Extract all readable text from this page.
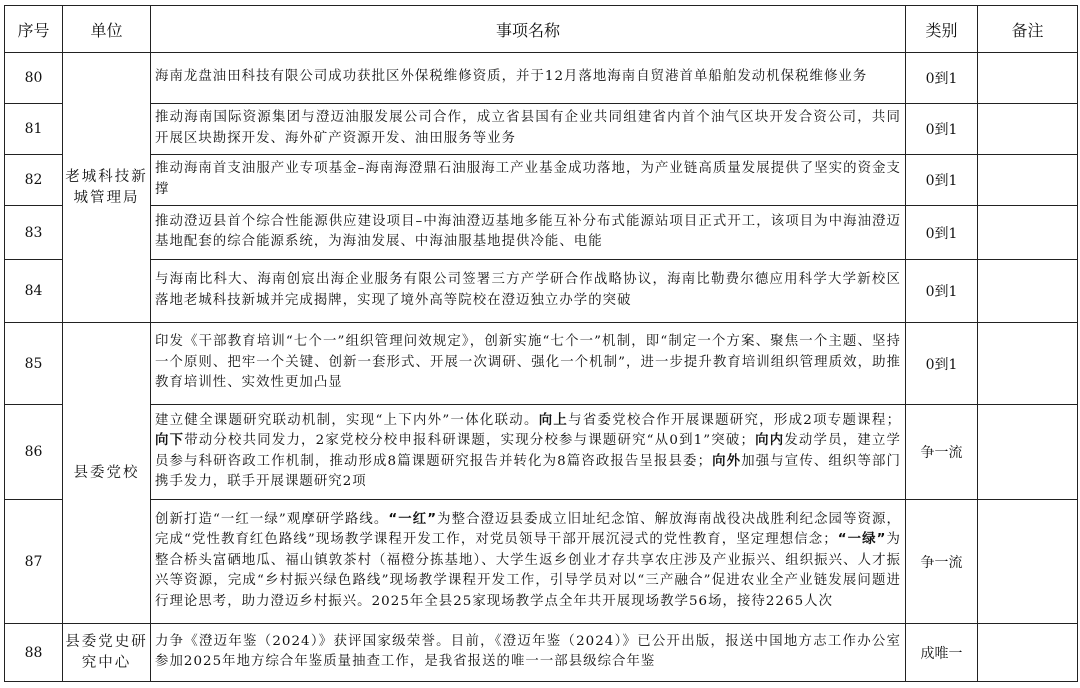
序号	单位	事项名称	类别	备注
80	老城科技新城管理局	海南龙盘油田科技有限公司成功获批区外保税维修资质，并于12月落地海南自贸港首单船舶发动机保税维修业务	0到1	
81		推动海南国际资源集团与澄迈油服发展公司合作，成立省县国有企业共同组建省内首个油气区块开发合资公司，共同开展区块勘探开发、海外矿产资源开发、油田服务等业务	0到1	
82		推动海南首支油服产业专项基金–海南海澄鼎石油服海工产业基金成功落地，为产业链高质量发展提供了坚实的资金支撑	0到1	
83		推动澄迈县首个综合性能源供应建设项目–中海油澄迈基地多能互补分布式能源站项目正式开工，该项目为中海油澄迈基地配套的综合能源系统，为海油发展、中海油服基地提供冷能、电能	0到1	
84		与海南比科大、海南创宸出海企业服务有限公司签署三方产学研合作战略协议，海南比勒费尔德应用科学大学新校区落地老城科技新城并完成揭牌，实现了境外高等院校在澄迈独立办学的突破	0到1	
85	县委党校	印发《干部教育培训“七个一”组织管理问效规定》，创新实施“七个一”机制，即“制定一个方案、聚焦一个主题、坚持一个原则、把牢一个关键、创新一套形式、开展一次调研、强化一个机制”，进一步提升教育培训组织管理质效，助推教育培训性、实效性更加凸显	0到1	
86		建立健全课题研究联动机制，实现“上下内外”一体化联动。向上与省委党校合作开展课题研究，形成2项专题课程；向下带动分校共同发力，2家党校分校申报科研课题，实现分校参与课题研究“从0到1”突破；向内发动学员，建立学员参与科研咨政工作机制，推动形成8篇课题研究报告并转化为8篇咨政报告呈报县委；向外加强与宣传、组织等部门携手发力，联手开展课题研究2项	争一流	
87		创新打造“一红一绿”观摩研学路线。“一红”为整合澄迈县委成立旧址纪念馆、解放海南战役决战胜利纪念园等资源，完成“党性教育红色路线”现场教学课程开发工作，对党员领导干部开展沉浸式的党性教育，坚定理想信念；“一绿”为整合桥头富硒地瓜、福山镇敦茶村（福橙分拣基地）、大学生返乡创业才存共享农庄涉及产业振兴、组织振兴、人才振兴等资源，完成“乡村振兴绿色路线”现场教学课程开发工作，引导学员对以“三产融合”促进农业全产业链发展问题进行理论思考，助力澄迈乡村振兴。2025年全县25家现场教学点全年共开展现场教学56场，接待2265人次	争一流	
88	县委党史研究中心	力争《澄迈年鉴（2024）》获评国家级荣誉。目前，《澄迈年鉴（2024）》已公开出版，报送中国地方志工作办公室参加2025年地方综合年鉴质量抽查工作，是我省报送的唯一一部县级综合年鉴	成唯一	
